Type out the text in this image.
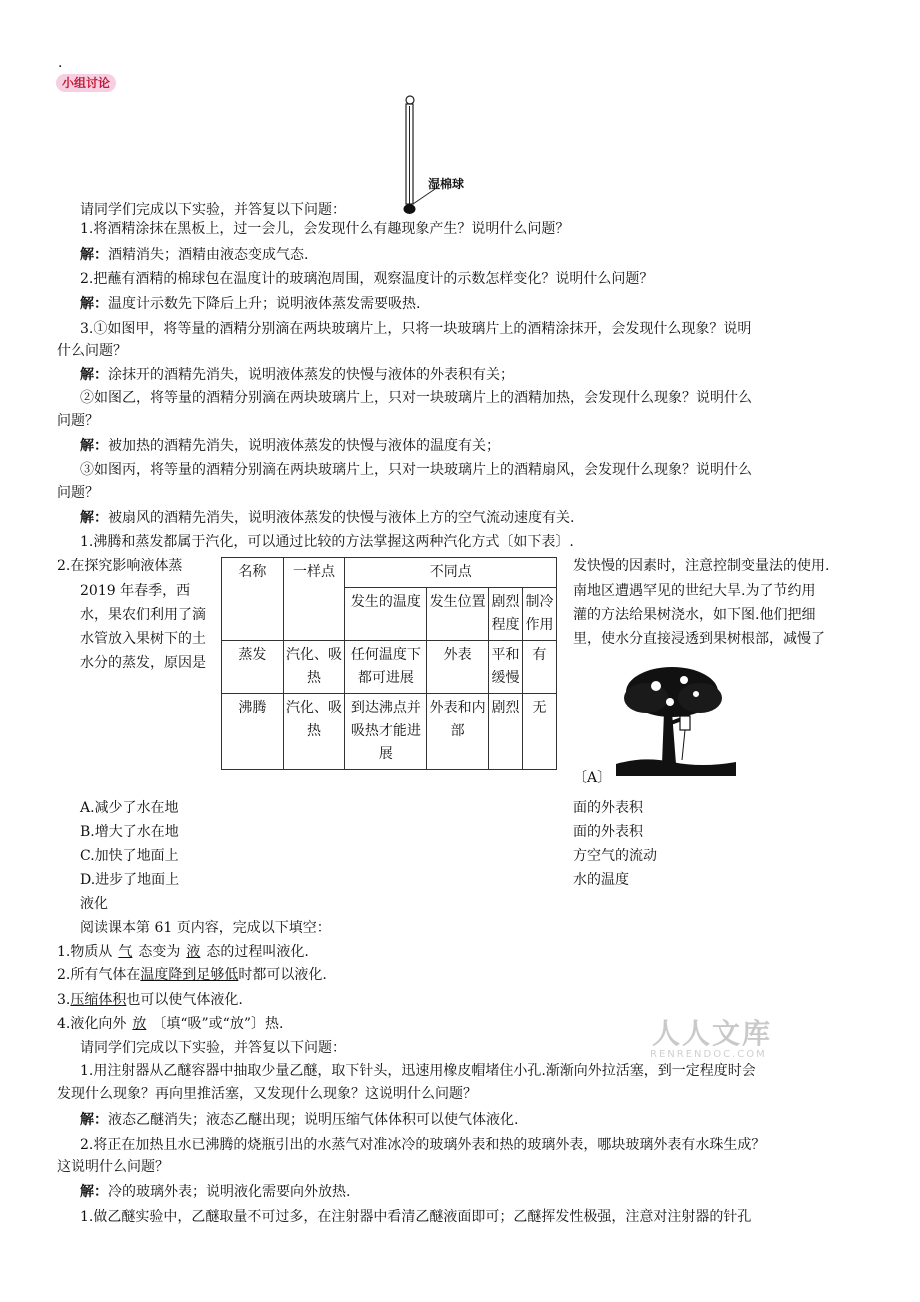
.
小组讨论
湿棉球
请同学们完成以下实验，并答复以下问题：
1.将酒精涂抹在黑板上，过一会儿，会发现什么有趣现象产生？说明什么问题？
解：酒精消失；酒精由液态变成气态.
2.把蘸有酒精的棉球包在温度计的玻璃泡周围，观察温度计的示数怎样变化？说明什么问题？
解：温度计示数先下降后上升；说明液体蒸发需要吸热.
3.①如图甲，将等量的酒精分别滴在两块玻璃片上，只将一块玻璃片上的酒精涂抹开，会发现什么现象？说明
什么问题？
解：涂抹开的酒精先消失，说明液体蒸发的快慢与液体的外表积有关；
②如图乙，将等量的酒精分别滴在两块玻璃片上，只对一块玻璃片上的酒精加热，会发现什么现象？说明什么
问题？
解：被加热的酒精先消失，说明液体蒸发的快慢与液体的温度有关；
③如图丙，将等量的酒精分别滴在两块玻璃片上，只对一块玻璃片上的酒精扇风，会发现什么现象？说明什么
问题？
解：被扇风的酒精先消失，说明液体蒸发的快慢与液体上方的空气流动速度有关.
1.沸腾和蒸发都属于汽化，可以通过比较的方法掌握这两种汽化方式〔如下表〕.
2.在探究影响液体蒸
2019 年春季，西
水，果农们利用了滴
水管放入果树下的土
水分的蒸发，原因是
A.减少了水在地
B.增大了水在地
C.加快了地面上
D.进步了地面上
液化
名称	一样点	不同点			
		发生的温度	发生位置	剧烈程度	制冷作用
蒸发	汽化、吸热	任何温度下都可进展	外表	平和缓慢	有
沸腾	汽化、吸热	到达沸点并吸热才能进展	外表和内部	剧烈	无
发快慢的因素时，注意控制变量法的使用.
南地区遭遇罕见的世纪大旱.为了节约用
灌的方法给果树浇水，如下图.他们把细
里，使水分直接浸透到果树根部，减慢了
〔A〕
面的外表积
面的外表积
方空气的流动
水的温度
阅读课本第 61 页内容，完成以下填空：
1.物质从 气 态变为 液 态的过程叫液化.
2.所有气体在温度降到足够低时都可以液化.
3.压缩体积也可以使气体液化.
4.液化向外 放 〔填“吸”或“放”〕热.	人人文库
RENRENDOC.COM
请同学们完成以下实验，并答复以下问题：
1.用注射器从乙醚容器中抽取少量乙醚，取下针头，迅速用橡皮帽堵住小孔.渐渐向外拉活塞，到一定程度时会
发现什么现象？再向里推活塞，又发现什么现象？这说明什么问题？
解：液态乙醚消失；液态乙醚出现；说明压缩气体体积可以使气体液化.
2.将正在加热且水已沸腾的烧瓶引出的水蒸气对准冰冷的玻璃外表和热的玻璃外表，哪块玻璃外表有水珠生成？
这说明什么问题？
解：冷的玻璃外表；说明液化需要向外放热.
1.做乙醚实验中，乙醚取量不可过多，在注射器中看清乙醚液面即可；乙醚挥发性极强，注意对注射器的针孔
